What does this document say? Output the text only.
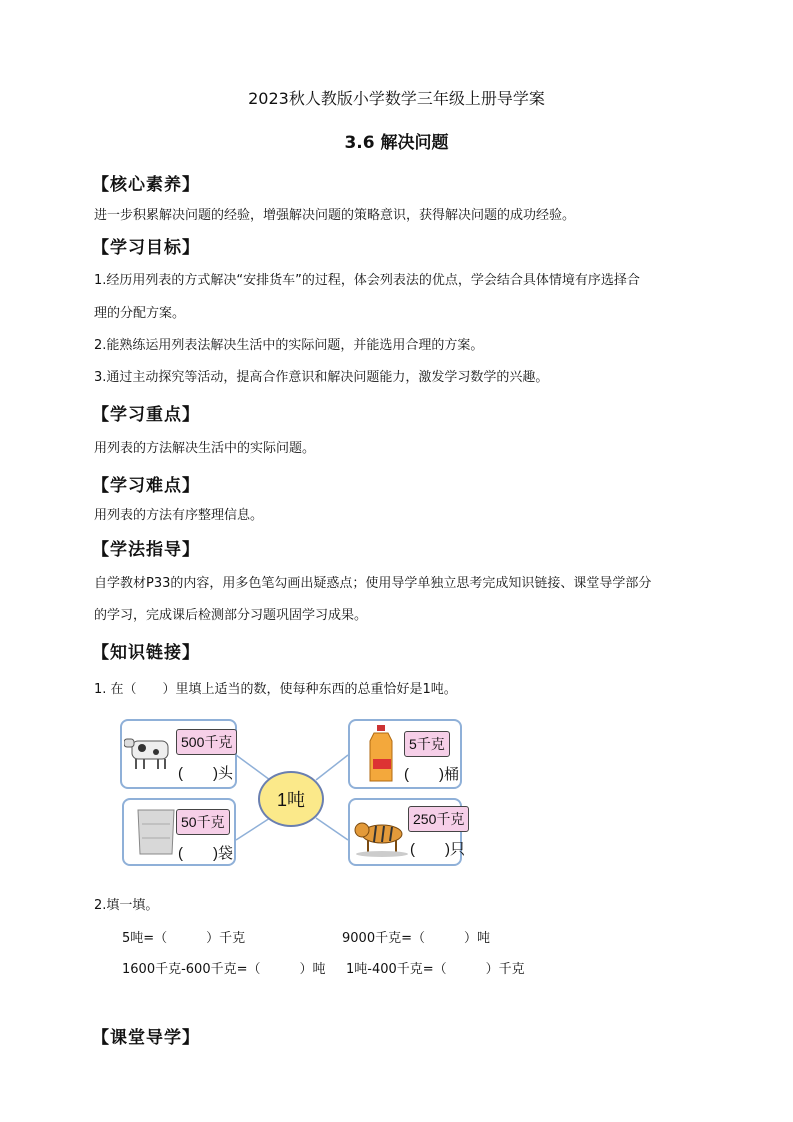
2023秋人教版小学数学三年级上册导学案
3.6 解决问题
【核心素养】
进一步积累解决问题的经验，增强解决问题的策略意识，获得解决问题的成功经验。
【学习目标】
1.经历用列表的方式解决“安排货车”的过程，体会列表法的优点，学会结合具体情境有序选择合
理的分配方案。
2.能熟练运用列表法解决生活中的实际问题，并能选用合理的方案。
3.通过主动探究等活动，提高合作意识和解决问题能力，激发学习数学的兴趣。
【学习重点】
用列表的方法解决生活中的实际问题。
【学习难点】
用列表的方法有序整理信息。
【学法指导】
自学教材P33的内容，用多色笔勾画出疑惑点；使用导学单独立思考完成知识链接、课堂导学部分
的学习，完成课后检测部分习题巩固学习成果。
【知识链接】
1. 在（　　）里填上适当的数，使每种东西的总重恰好是1吨。
500千克
(　　)头
5千克
(　　)桶
1吨
50千克
(　　)袋
250千克
(　　)只
2.填一填。
5吨=（　　　）千克	9000千克=（　　　）吨
1600千克-600千克=（　　　）吨 1吨-400千克=（　　　）千克
【课堂导学】
